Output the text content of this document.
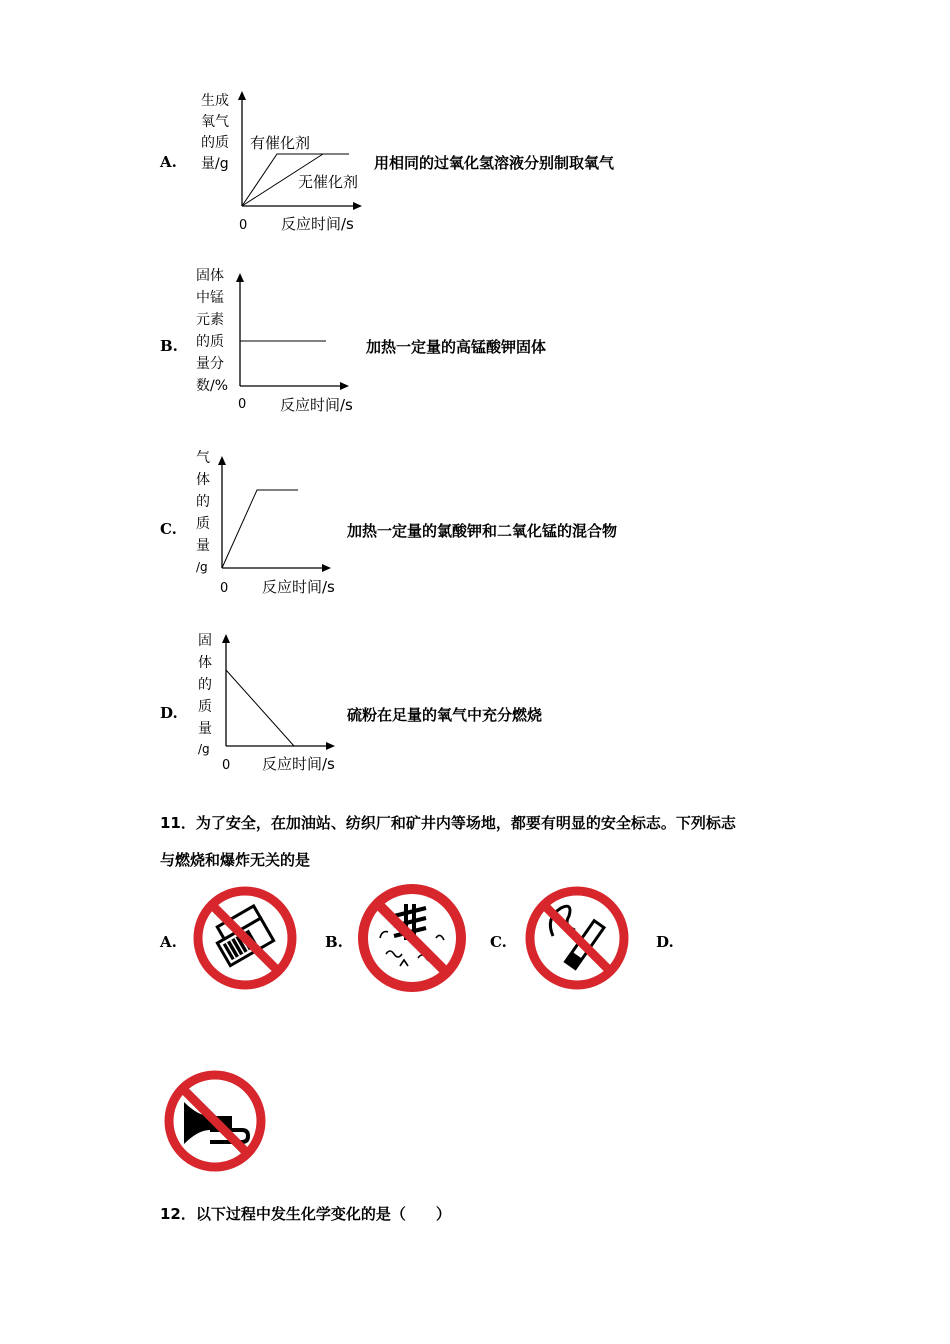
A.
生成
氧气
的质
量/g
有催化剂
无催化剂
0 反应时间/s
用相同的过氧化氢溶液分别制取氧气
B.
固体
中锰
元素
的质
量分
数/%
0 反应时间/s
加热一定量的高锰酸钾固体
C.
气
体
的
质
量
/g
0 反应时间/s
加热一定量的氯酸钾和二氧化锰的混合物
D.
固
体
的
质
量
/g
0 反应时间/s
硫粉在足量的氧气中充分燃烧
11．为了安全，在加油站、纺织厂和矿井内等场地，都要有明显的安全标志。下列标志
与燃烧和爆炸无关的是
A.	B.	C.	D.
12．以下过程中发生化学变化的是（　　）
